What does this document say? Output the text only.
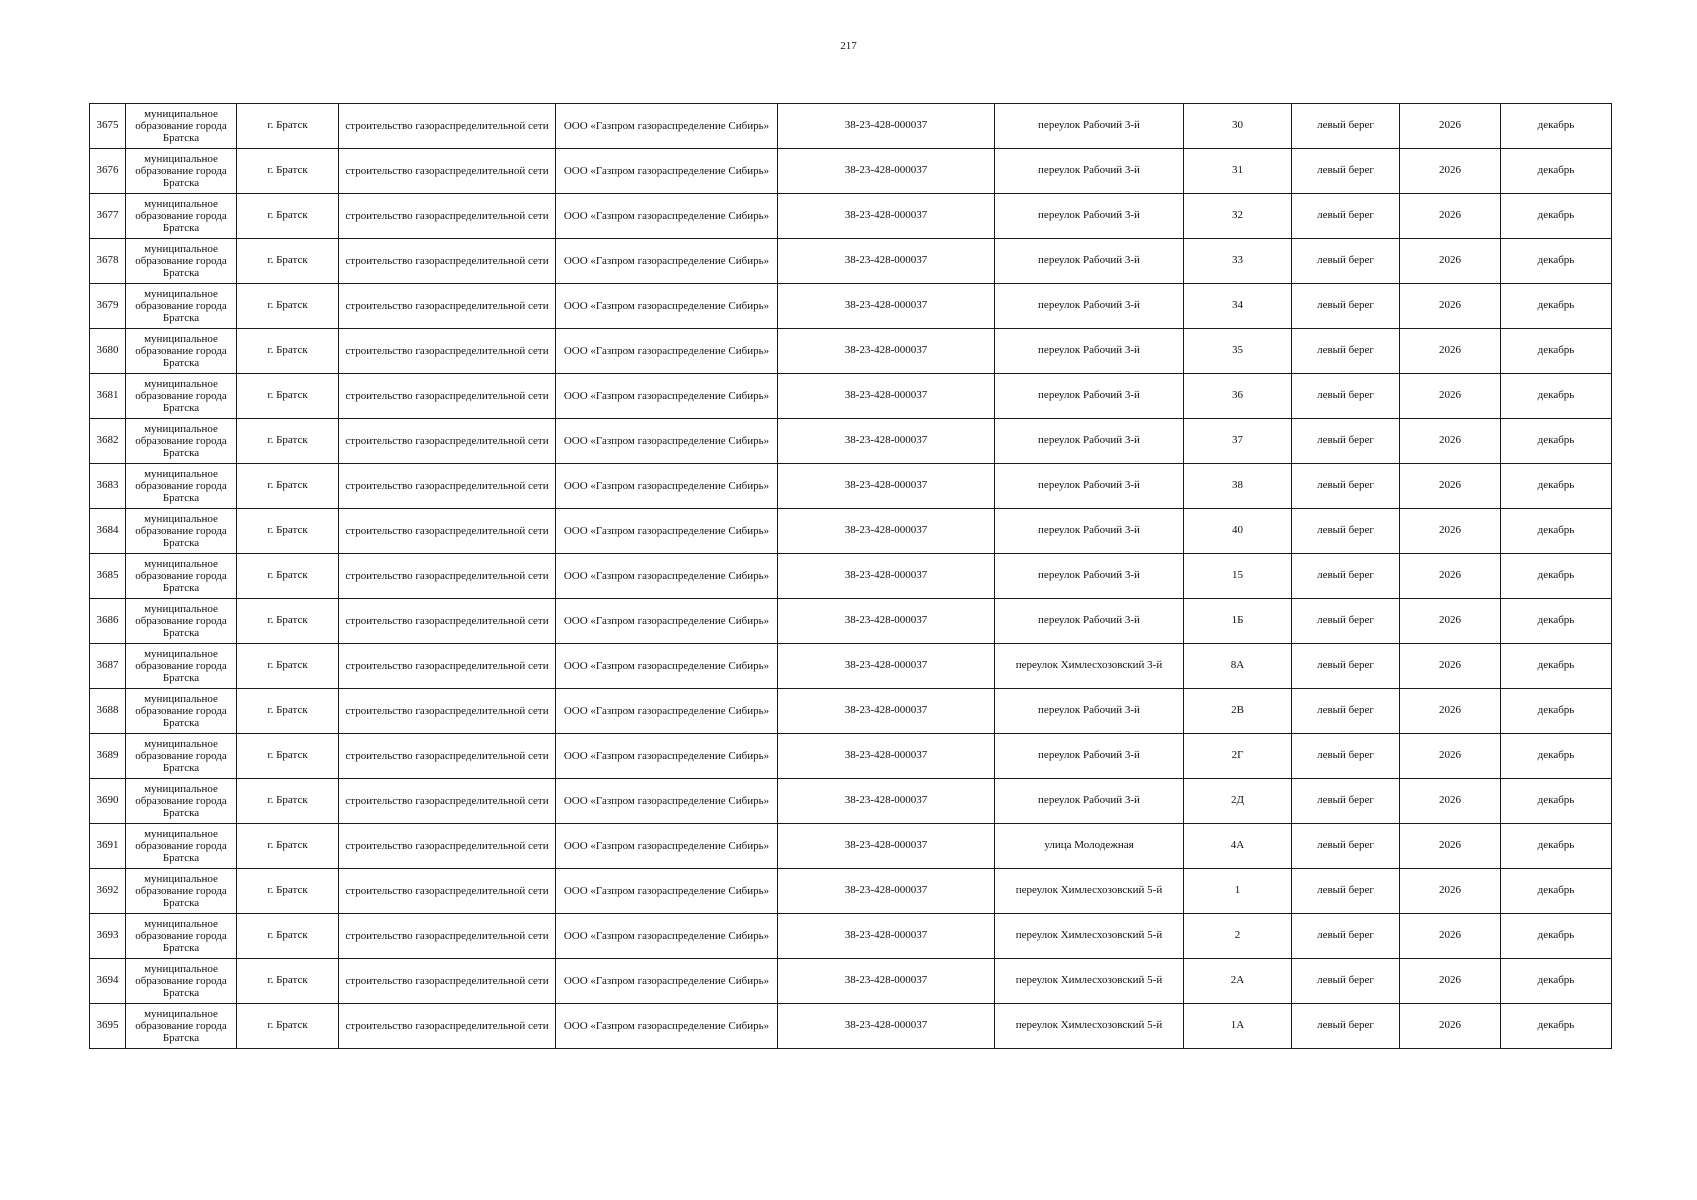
217
3675	муниципальное образование города Братска	г. Братск	строительство газораспределительной сети	ООО «Газпром газораспределение Сибирь»	38-23-428-000037	переулок Рабочий 3-й	30	левый берег	2026	декабрь
3676	муниципальное образование города Братска	г. Братск	строительство газораспределительной сети	ООО «Газпром газораспределение Сибирь»	38-23-428-000037	переулок Рабочий 3-й	31	левый берег	2026	декабрь
3677	муниципальное образование города Братска	г. Братск	строительство газораспределительной сети	ООО «Газпром газораспределение Сибирь»	38-23-428-000037	переулок Рабочий 3-й	32	левый берег	2026	декабрь
3678	муниципальное образование города Братска	г. Братск	строительство газораспределительной сети	ООО «Газпром газораспределение Сибирь»	38-23-428-000037	переулок Рабочий 3-й	33	левый берег	2026	декабрь
3679	муниципальное образование города Братска	г. Братск	строительство газораспределительной сети	ООО «Газпром газораспределение Сибирь»	38-23-428-000037	переулок Рабочий 3-й	34	левый берег	2026	декабрь
3680	муниципальное образование города Братска	г. Братск	строительство газораспределительной сети	ООО «Газпром газораспределение Сибирь»	38-23-428-000037	переулок Рабочий 3-й	35	левый берег	2026	декабрь
3681	муниципальное образование города Братска	г. Братск	строительство газораспределительной сети	ООО «Газпром газораспределение Сибирь»	38-23-428-000037	переулок Рабочий 3-й	36	левый берег	2026	декабрь
3682	муниципальное образование города Братска	г. Братск	строительство газораспределительной сети	ООО «Газпром газораспределение Сибирь»	38-23-428-000037	переулок Рабочий 3-й	37	левый берег	2026	декабрь
3683	муниципальное образование города Братска	г. Братск	строительство газораспределительной сети	ООО «Газпром газораспределение Сибирь»	38-23-428-000037	переулок Рабочий 3-й	38	левый берег	2026	декабрь
3684	муниципальное образование города Братска	г. Братск	строительство газораспределительной сети	ООО «Газпром газораспределение Сибирь»	38-23-428-000037	переулок Рабочий 3-й	40	левый берег	2026	декабрь
3685	муниципальное образование города Братска	г. Братск	строительство газораспределительной сети	ООО «Газпром газораспределение Сибирь»	38-23-428-000037	переулок Рабочий 3-й	15	левый берег	2026	декабрь
3686	муниципальное образование города Братска	г. Братск	строительство газораспределительной сети	ООО «Газпром газораспределение Сибирь»	38-23-428-000037	переулок Рабочий 3-й	1Б	левый берег	2026	декабрь
3687	муниципальное образование города Братска	г. Братск	строительство газораспределительной сети	ООО «Газпром газораспределение Сибирь»	38-23-428-000037	переулок Химлесхозовский 3-й	8А	левый берег	2026	декабрь
3688	муниципальное образование города Братска	г. Братск	строительство газораспределительной сети	ООО «Газпром газораспределение Сибирь»	38-23-428-000037	переулок Рабочий 3-й	2В	левый берег	2026	декабрь
3689	муниципальное образование города Братска	г. Братск	строительство газораспределительной сети	ООО «Газпром газораспределение Сибирь»	38-23-428-000037	переулок Рабочий 3-й	2Г	левый берег	2026	декабрь
3690	муниципальное образование города Братска	г. Братск	строительство газораспределительной сети	ООО «Газпром газораспределение Сибирь»	38-23-428-000037	переулок Рабочий 3-й	2Д	левый берег	2026	декабрь
3691	муниципальное образование города Братска	г. Братск	строительство газораспределительной сети	ООО «Газпром газораспределение Сибирь»	38-23-428-000037	улица Молодежная	4А	левый берег	2026	декабрь
3692	муниципальное образование города Братска	г. Братск	строительство газораспределительной сети	ООО «Газпром газораспределение Сибирь»	38-23-428-000037	переулок Химлесхозовский 5-й	1	левый берег	2026	декабрь
3693	муниципальное образование города Братска	г. Братск	строительство газораспределительной сети	ООО «Газпром газораспределение Сибирь»	38-23-428-000037	переулок Химлесхозовский 5-й	2	левый берег	2026	декабрь
3694	муниципальное образование города Братска	г. Братск	строительство газораспределительной сети	ООО «Газпром газораспределение Сибирь»	38-23-428-000037	переулок Химлесхозовский 5-й	2А	левый берег	2026	декабрь
3695	муниципальное образование города Братска	г. Братск	строительство газораспределительной сети	ООО «Газпром газораспределение Сибирь»	38-23-428-000037	переулок Химлесхозовский 5-й	1А	левый берег	2026	декабрь
